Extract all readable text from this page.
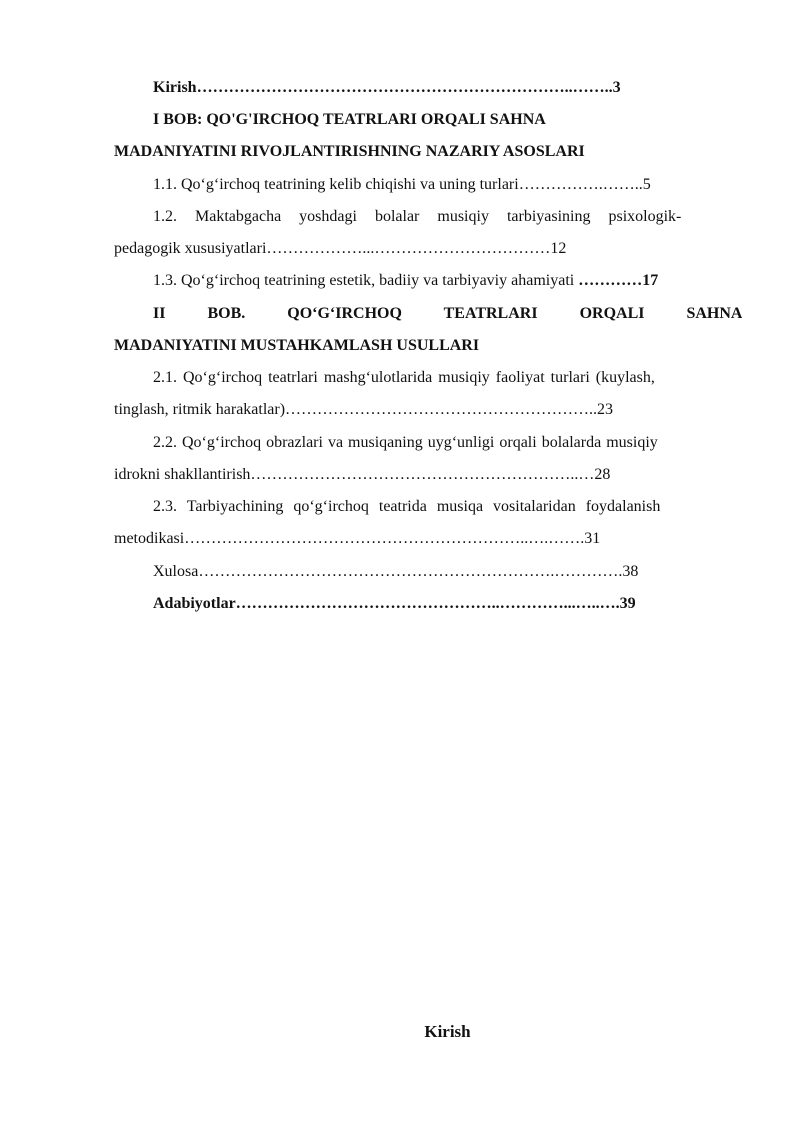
Kirish……………………………………………………………..……..3
I BOB: QO'G'IRCHOQ TEATRLARI ORQALI SAHNA
MADANIYATINI RIVOJLANTIRISHNING NAZARIY ASOSLARI
1.1. Qo‘g‘irchoq teatrining kelib chiqishi va uning turlari…………….……..5
1.2. Maktabgacha yoshdagi bolalar musiqiy tarbiyasining psixologik-
pedagogik xususiyatlari………………...……………………………12
1.3. Qo‘g‘irchoq teatrining estetik, badiiy va tarbiyaviy ahamiyati …………17
II BOB. QO‘G‘IRCHOQ TEATRLARI ORQALI SAHNA
MADANIYATINI MUSTAHKAMLASH USULLARI
2.1. Qo‘g‘irchoq teatrlari mashg‘ulotlarida musiqiy faoliyat turlari (kuylash,
tinglash, ritmik harakatlar)…………………………………………………..23
2.2. Qo‘g‘irchoq obrazlari va musiqaning uyg‘unligi orqali bolalarda musiqiy
idrokni shakllantirish……………………………………………………..…28
2.3. Tarbiyachining qo‘g‘irchoq teatrida musiqa vositalaridan foydalanish
metodikasi………………………………………………………..….…….31
Xulosa………………………………………………………….………….38
Adabiyotlar…………………………………………..…………...…..….39
Kirish
